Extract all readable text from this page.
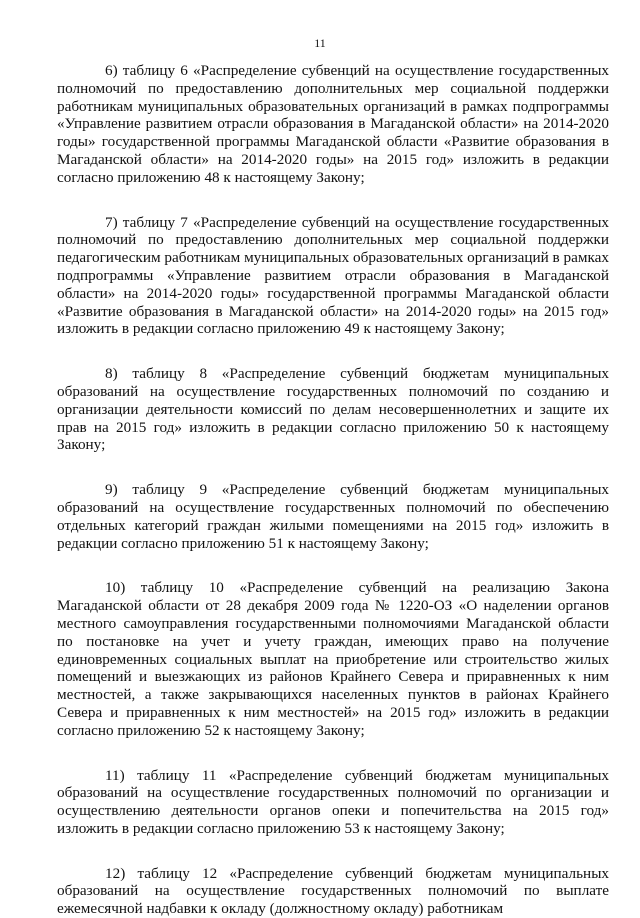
11

6) таблицу 6 «Распределение субвенций на осуществление государственных полномочий по предоставлению дополнительных мер социальной поддержки работникам муниципальных образовательных организаций в рамках подпрограммы «Управление развитием отрасли образования в Магаданской области» на 2014-2020 годы» государственной программы Магаданской области «Развитие образования в Магаданской области» на 2014-2020 годы» на 2015 год» изложить в редакции согласно приложению 48 к настоящему Закону;

7) таблицу 7 «Распределение субвенций на осуществление государственных полномочий по предоставлению дополнительных мер социальной поддержки педагогическим работникам муниципальных образовательных организаций в рамках подпрограммы «Управление развитием отрасли образования в Магаданской области» на 2014-2020 годы» государственной программы Магаданской области «Развитие образования в Магаданской области» на 2014-2020 годы» на 2015 год» изложить в редакции согласно приложению 49 к настоящему Закону;

8) таблицу 8 «Распределение субвенций бюджетам муниципальных образований на осуществление государственных полномочий по созданию и организации деятельности комиссий по делам несовершеннолетних и защите их прав на 2015 год» изложить в редакции согласно приложению 50 к настоящему Закону;

9) таблицу 9 «Распределение субвенций бюджетам муниципальных образований на осуществление государственных полномочий по обеспечению отдельных категорий граждан жилыми помещениями на 2015 год» изложить в редакции согласно приложению 51 к настоящему Закону;

10) таблицу 10 «Распределение субвенций на реализацию Закона Магаданской области от 28 декабря 2009 года № 1220-ОЗ «О наделении органов местного самоуправления государственными полномочиями Магаданской области по постановке на учет и учету граждан, имеющих право на получение единовременных социальных выплат на приобретение или строительство жилых помещений и выезжающих из районов Крайнего Севера и приравненных к ним местностей, а также закрывающихся населенных пунктов в районах Крайнего Севера и приравненных к ним местностей» на 2015 год» изложить в редакции согласно приложению 52 к настоящему Закону;

11) таблицу 11 «Распределение субвенций бюджетам муниципальных образований на осуществление государственных полномочий по организации и осуществлению деятельности органов опеки и попечительства на 2015 год» изложить в редакции согласно приложению 53 к настоящему Закону;

12) таблицу 12 «Распределение субвенций бюджетам муниципальных образований на осуществление государственных полномочий по выплате ежемесячной надбавки к окладу (должностному окладу) работникам
